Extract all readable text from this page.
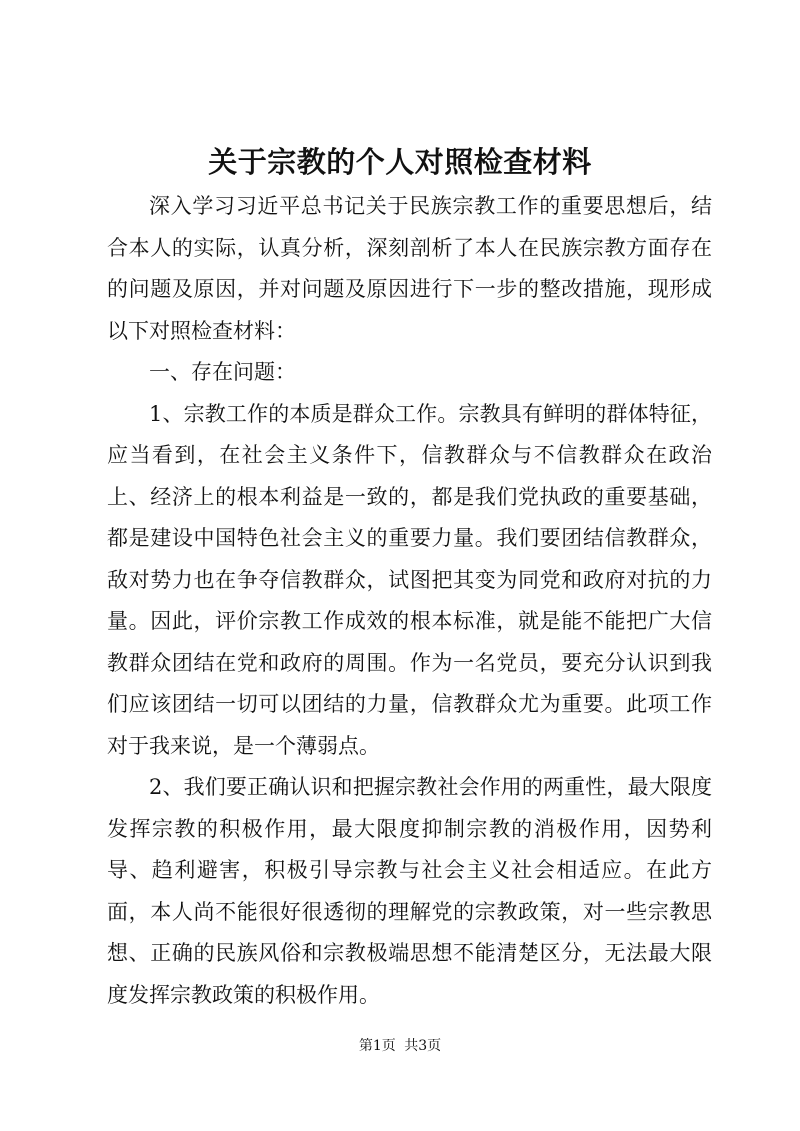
关于宗教的个人对照检查材料

深入学习习近平总书记关于民族宗教工作的重要思想后，结合本人的实际，认真分析，深刻剖析了本人在民族宗教方面存在的问题及原因，并对问题及原因进行下一步的整改措施，现形成以下对照检查材料：

一、存在问题：

1、宗教工作的本质是群众工作。宗教具有鲜明的群体特征，应当看到，在社会主义条件下，信教群众与不信教群众在政治上、经济上的根本利益是一致的，都是我们党执政的重要基础，都是建设中国特色社会主义的重要力量。我们要团结信教群众，敌对势力也在争夺信教群众，试图把其变为同党和政府对抗的力量。因此，评价宗教工作成效的根本标准，就是能不能把广大信教群众团结在党和政府的周围。作为一名党员，要充分认识到我们应该团结一切可以团结的力量，信教群众尤为重要。此项工作对于我来说，是一个薄弱点。

2、我们要正确认识和把握宗教社会作用的两重性，最大限度发挥宗教的积极作用，最大限度抑制宗教的消极作用，因势利导、趋利避害，积极引导宗教与社会主义社会相适应。在此方面，本人尚不能很好很透彻的理解党的宗教政策，对一些宗教思想、正确的民族风俗和宗教极端思想不能清楚区分，无法最大限度发挥宗教政策的积极作用。

第1页 共3页
